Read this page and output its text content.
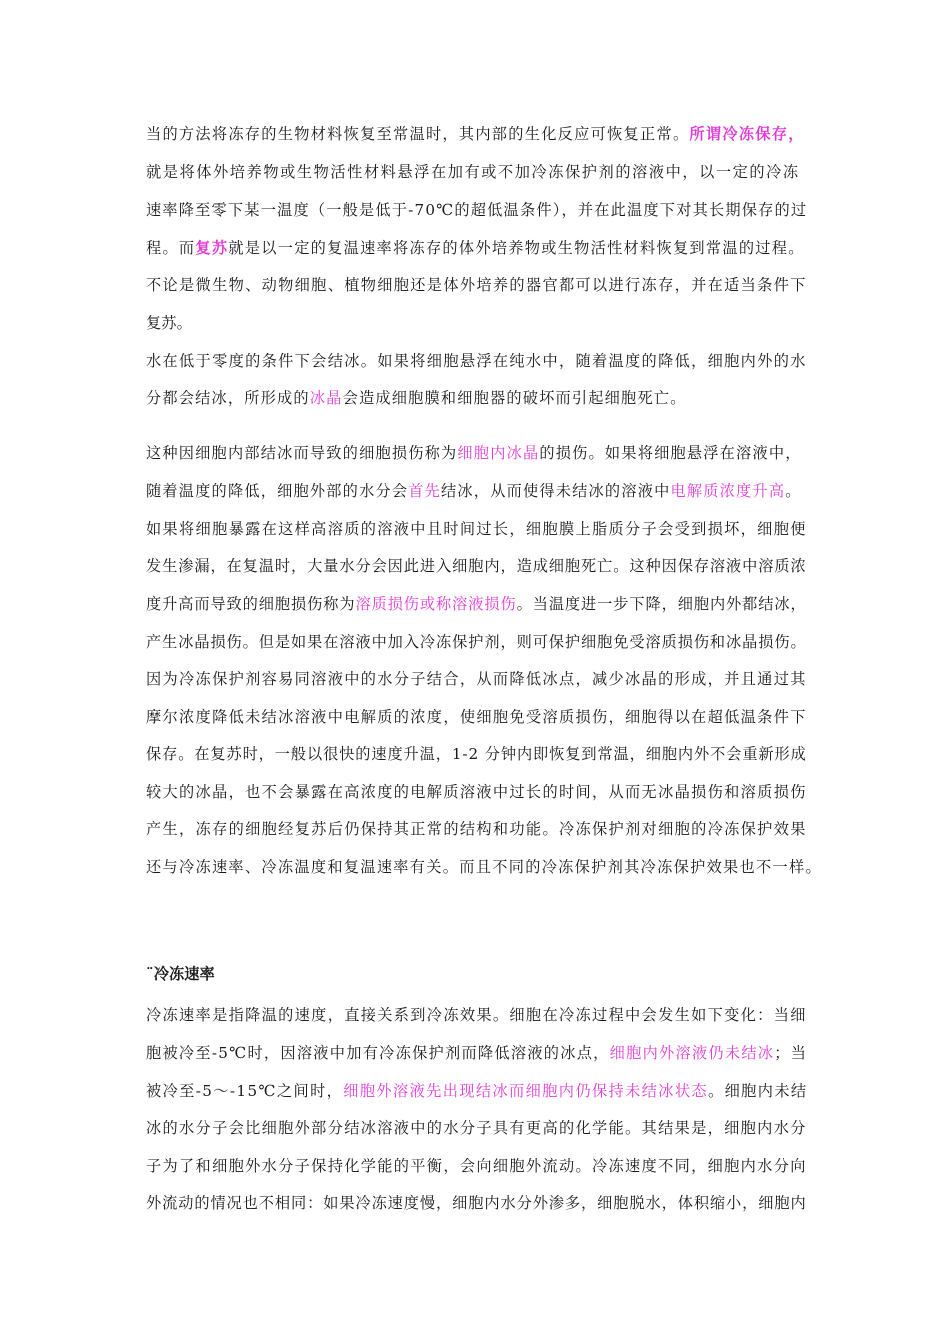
当的方法将冻存的生物材料恢复至常温时，其内部的生化反应可恢复正常。所谓冷冻保存，
就是将体外培养物或生物活性材料悬浮在加有或不加冷冻保护剂的溶液中，以一定的冷冻
速率降至零下某一温度（一般是低于-70℃的超低温条件），并在此温度下对其长期保存的过
程。而复苏就是以一定的复温速率将冻存的体外培养物或生物活性材料恢复到常温的过程。
不论是微生物、动物细胞、植物细胞还是体外培养的器官都可以进行冻存，并在适当条件下
复苏。
水在低于零度的条件下会结冰。如果将细胞悬浮在纯水中，随着温度的降低，细胞内外的水
分都会结冰，所形成的冰晶会造成细胞膜和细胞器的破坏而引起细胞死亡。
这种因细胞内部结冰而导致的细胞损伤称为细胞内冰晶的损伤。如果将细胞悬浮在溶液中，
随着温度的降低，细胞外部的水分会首先结冰，从而使得未结冰的溶液中电解质浓度升高。
如果将细胞暴露在这样高溶质的溶液中且时间过长，细胞膜上脂质分子会受到损坏，细胞便
发生渗漏，在复温时，大量水分会因此进入细胞内，造成细胞死亡。这种因保存溶液中溶质浓
度升高而导致的细胞损伤称为溶质损伤或称溶液损伤。当温度进一步下降，细胞内外都结冰，
产生冰晶损伤。但是如果在溶液中加入冷冻保护剂，则可保护细胞免受溶质损伤和冰晶损伤。
因为冷冻保护剂容易同溶液中的水分子结合，从而降低冰点，减少冰晶的形成，并且通过其
摩尔浓度降低未结冰溶液中电解质的浓度，使细胞免受溶质损伤，细胞得以在超低温条件下
保存。在复苏时，一般以很快的速度升温，1-2 分钟内即恢复到常温，细胞内外不会重新形成
较大的冰晶，也不会暴露在高浓度的电解质溶液中过长的时间，从而无冰晶损伤和溶质损伤
产生，冻存的细胞经复苏后仍保持其正常的结构和功能。冷冻保护剂对细胞的冷冻保护效果
还与冷冻速率、冷冻温度和复温速率有关。而且不同的冷冻保护剂其冷冻保护效果也不一样。
¨冷冻速率
冷冻速率是指降温的速度，直接关系到冷冻效果。细胞在冷冻过程中会发生如下变化：当细
胞被冷至-5℃时，因溶液中加有冷冻保护剂而降低溶液的冰点，细胞内外溶液仍未结冰；当
被冷至-5～-15℃之间时，细胞外溶液先出现结冰而细胞内仍保持未结冰状态。细胞内未结
冰的水分子会比细胞外部分结冰溶液中的水分子具有更高的化学能。其结果是，细胞内水分
子为了和细胞外水分子保持化学能的平衡，会向细胞外流动。冷冻速度不同，细胞内水分向
外流动的情况也不相同：如果冷冻速度慢，细胞内水分外渗多，细胞脱水，体积缩小，细胞内
